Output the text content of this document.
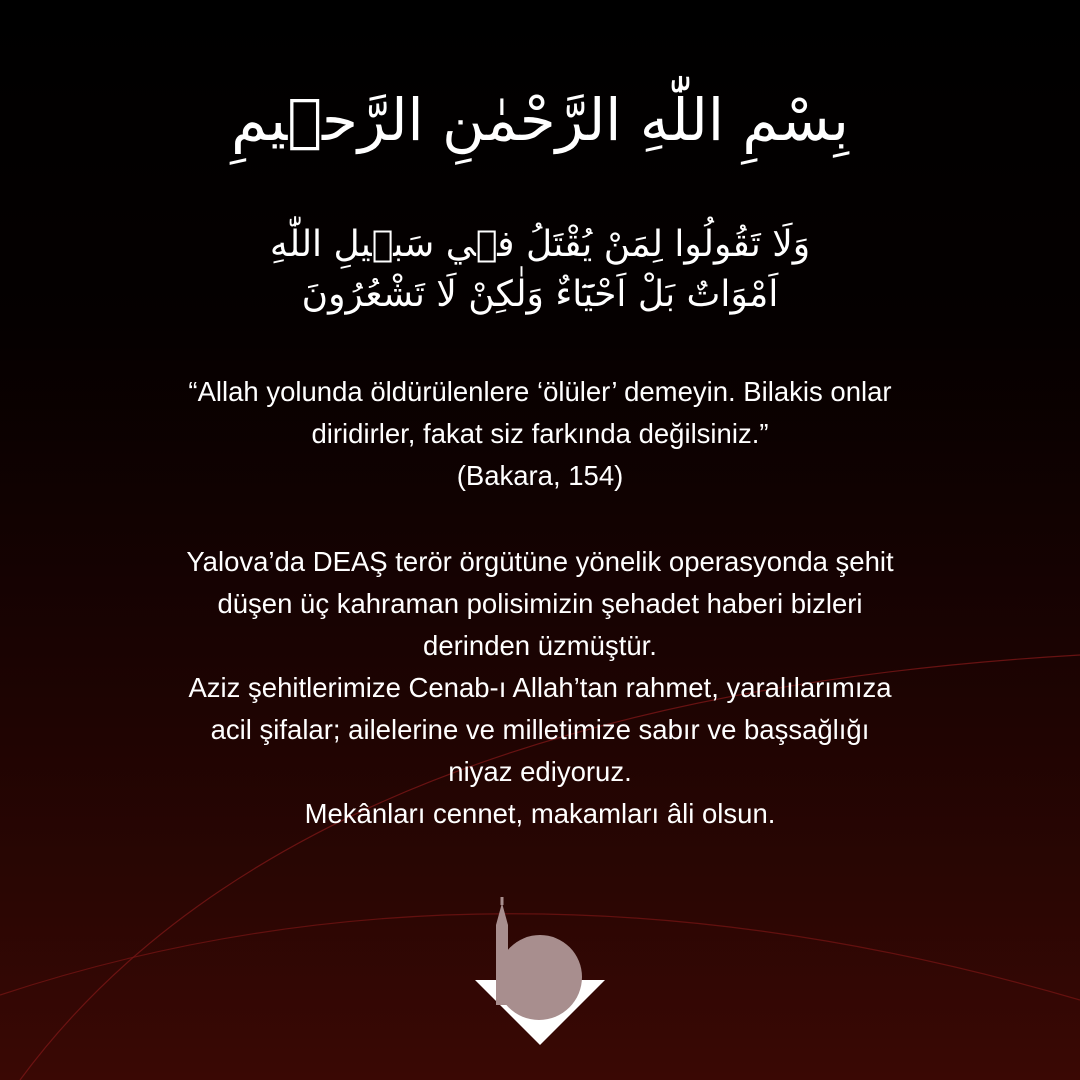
بِسْمِ اللّٰهِ الرَّحْمٰنِ الرَّح۪يمِ
وَلَا تَقُولُوا لِمَنْ يُقْتَلُ ف۪ي سَب۪يلِ اللّٰهِ
اَمْوَاتٌ بَلْ اَحْيَٓاءٌ وَلٰكِنْ لَا تَشْعُرُونَ
“Allah yolunda öldürülenlere ‘ölüler’ demeyin. Bilakis onlar
diridirler, fakat siz farkında değilsiniz.”
(Bakara, 154)
Yalova’da DEAŞ terör örgütüne yönelik operasyonda şehit
düşen üç kahraman polisimizin şehadet haberi bizleri
derinden üzmüştür.
Aziz şehitlerimize Cenab-ı Allah’tan rahmet, yaralılarımıza
acil şifalar; ailelerine ve milletimize sabır ve başsağlığı
niyaz ediyoruz.
Mekânları cennet, makamları âli olsun.
